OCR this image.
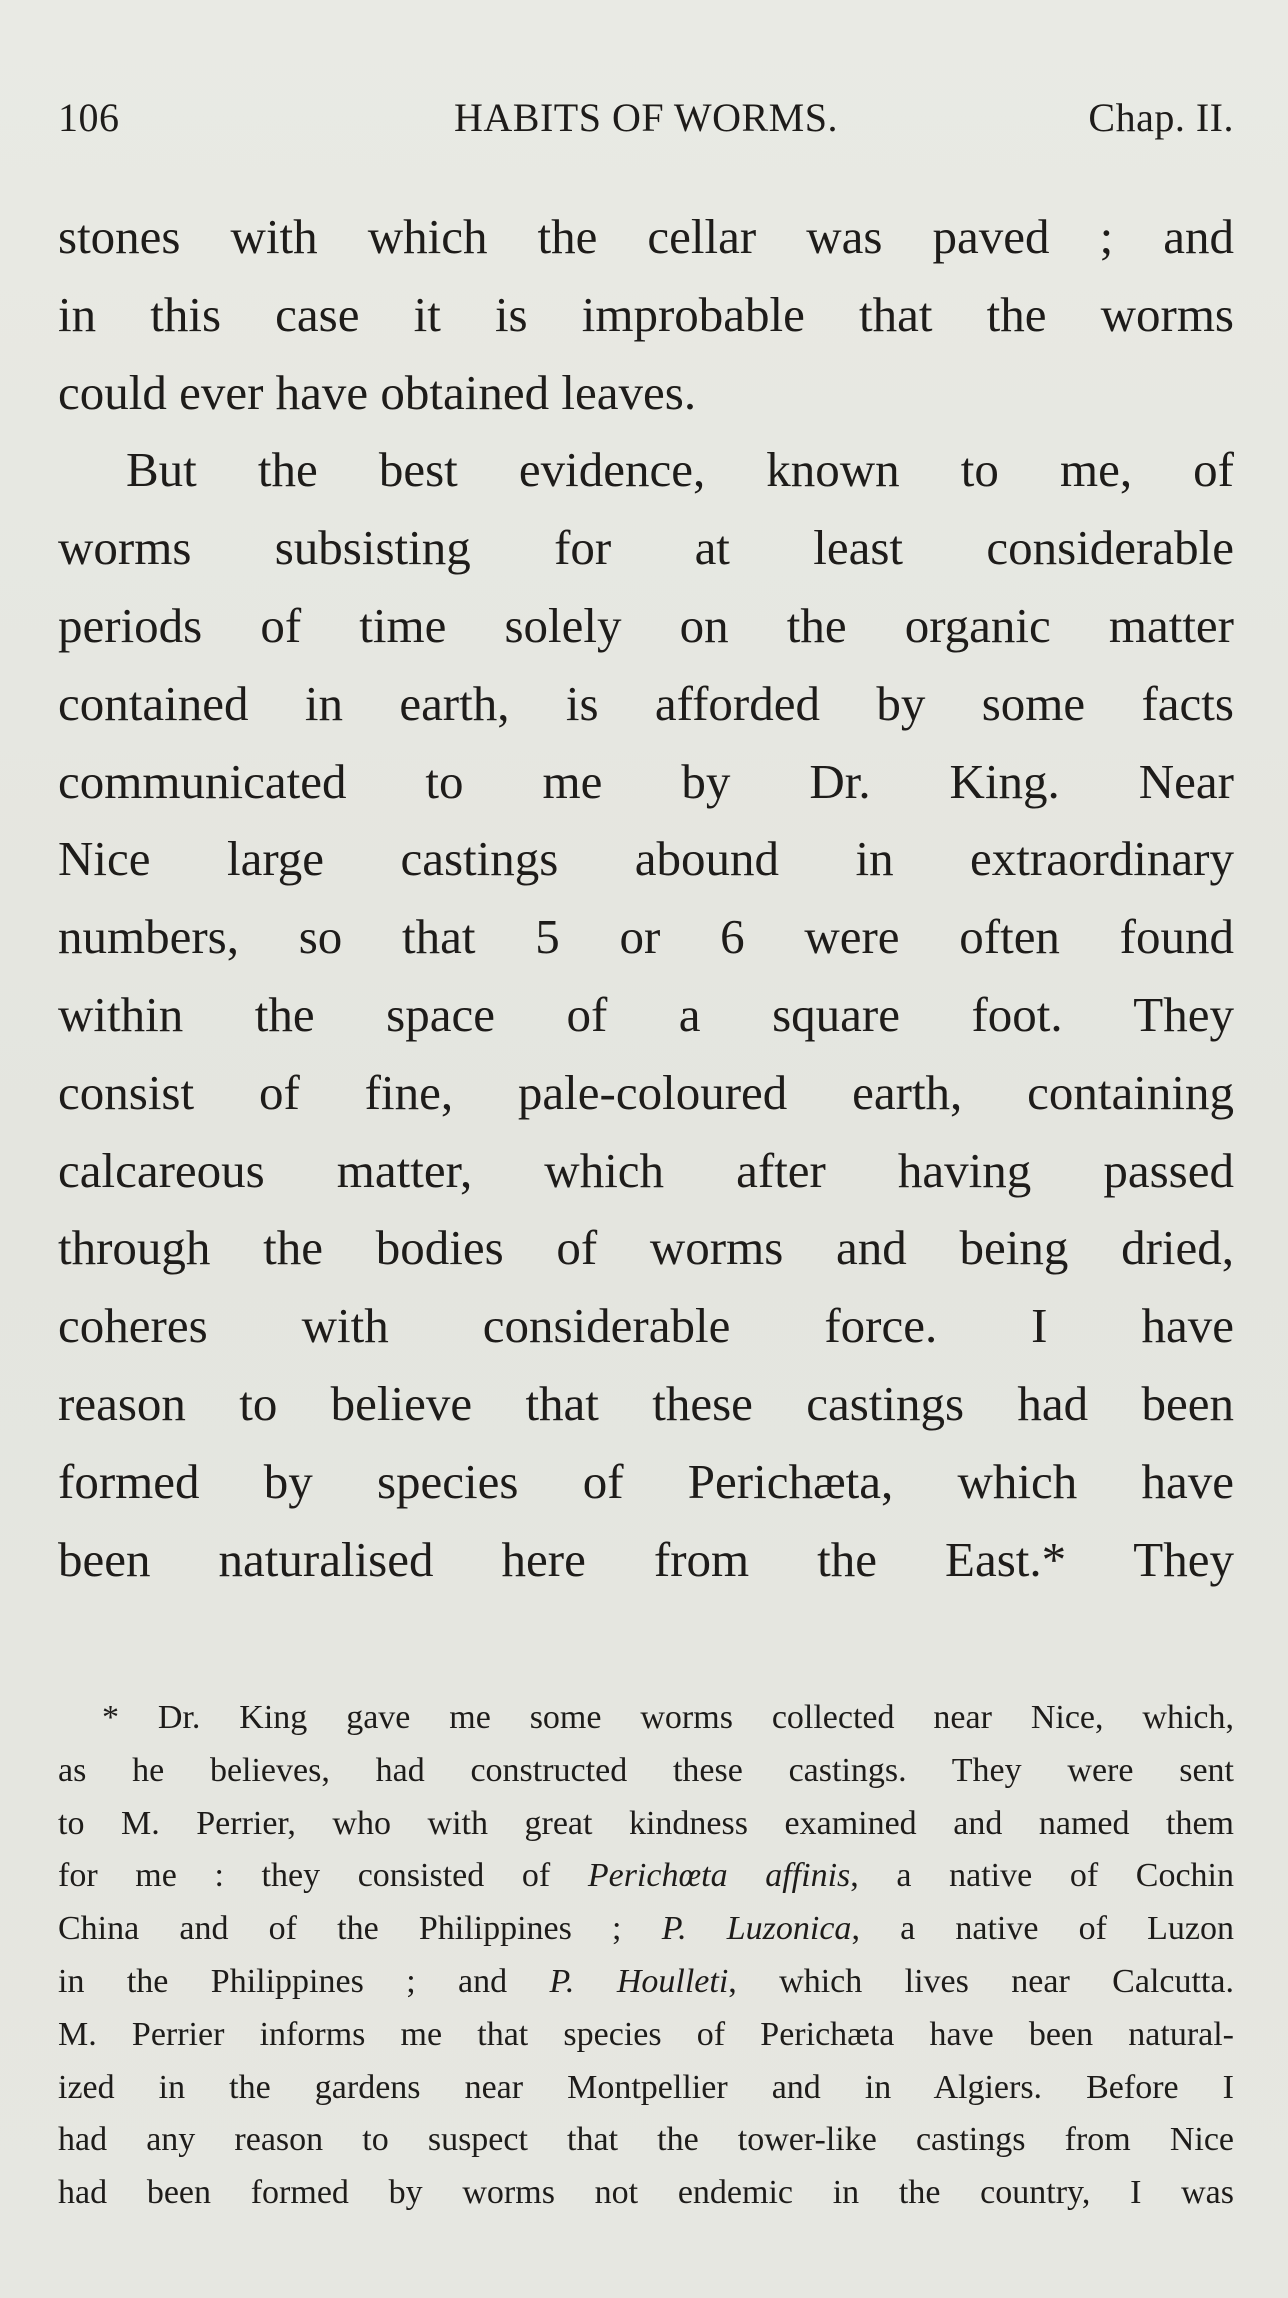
106	HABITS OF WORMS.	Chap. II.
stones with which the cellar was paved ; and
in this case it is improbable that the worms
could ever have obtained leaves.
But the best evidence, known to me, of
worms subsisting for at least considerable
periods of time solely on the organic matter
contained in earth, is afforded by some facts
communicated to me by Dr. King. Near
Nice large castings abound in extraordinary
numbers, so that 5 or 6 were often found
within the space of a square foot. They
consist of fine, pale-coloured earth, containing
calcareous matter, which after having passed
through the bodies of worms and being dried,
coheres with considerable force. I have
reason to believe that these castings had been
formed by species of Perichæta, which have
been naturalised here from the East.* They
* Dr. King gave me some worms collected near Nice, which,
as he believes, had constructed these castings. They were sent
to M. Perrier, who with great kindness examined and named them
for me : they consisted of Perichœta affinis, a native of Cochin
China and of the Philippines ; P. Luzonica, a native of Luzon
in the Philippines ; and P. Houlleti, which lives near Calcutta.
M. Perrier informs me that species of Perichæta have been natural-
ized in the gardens near Montpellier and in Algiers. Before I
had any reason to suspect that the tower-like castings from Nice
had been formed by worms not endemic in the country, I was
